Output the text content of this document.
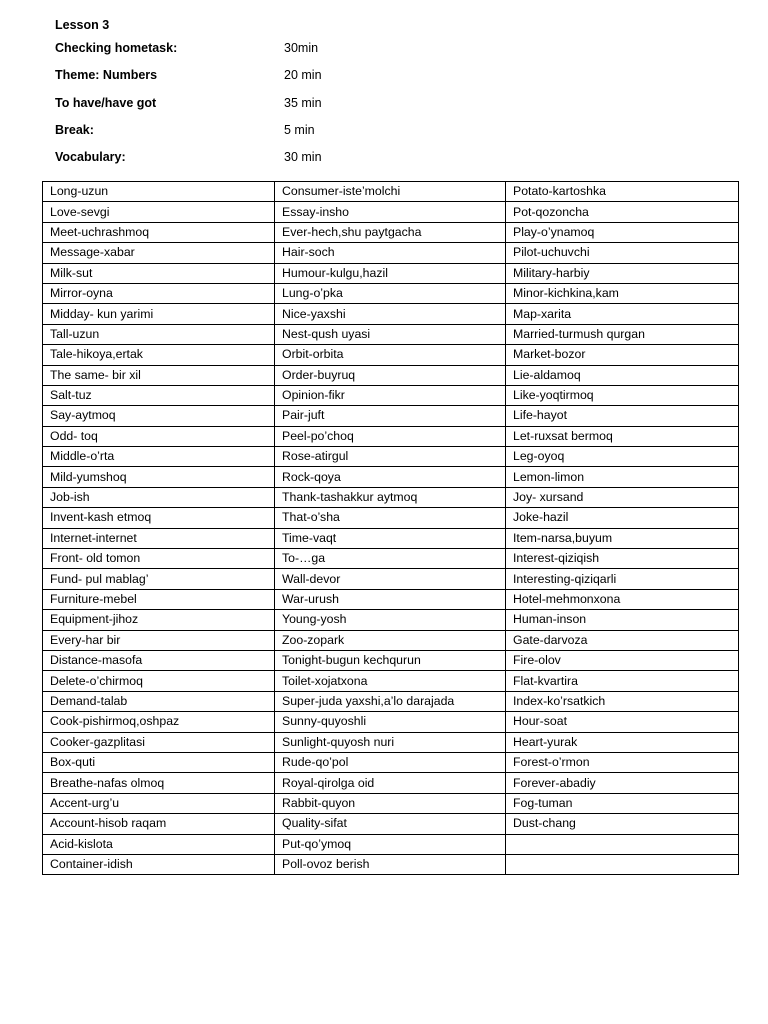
Lesson 3
Checking hometask:	30min
Theme: Numbers	20 min
To have/have got	35 min
Break:	5 min
Vocabulary:	30 min
Long-uzun	Consumer-iste’molchi	Potato-kartoshka
Love-sevgi	Essay-insho	Pot-qozoncha
Meet-uchrashmoq	Ever-hech,shu paytgacha	Play-o’ynamoq
Message-xabar	Hair-soch	Pilot-uchuvchi
Milk-sut	Humour-kulgu,hazil	Military-harbiy
Mirror-oyna	Lung-o’pka	Minor-kichkina,kam
Midday- kun yarimi	Nice-yaxshi	Map-xarita
Tall-uzun	Nest-qush uyasi	Married-turmush qurgan
Tale-hikoya,ertak	Orbit-orbita	Market-bozor
The same- bir xil	Order-buyruq	Lie-aldamoq
Salt-tuz	Opinion-fikr	Like-yoqtirmoq
Say-aytmoq	Pair-juft	Life-hayot
Odd- toq	Peel-po’choq	Let-ruxsat bermoq
Middle-o’rta	Rose-atirgul	Leg-oyoq
Mild-yumshoq	Rock-qoya	Lemon-limon
Job-ish	Thank-tashakkur aytmoq	Joy- xursand
Invent-kash etmoq	That-o’sha	Joke-hazil
Internet-internet	Time-vaqt	Item-narsa,buyum
Front- old tomon	To-…ga	Interest-qiziqish
Fund- pul mablag’	Wall-devor	Interesting-qiziqarli
Furniture-mebel	War-urush	Hotel-mehmonxona
Equipment-jihoz	Young-yosh	Human-inson
Every-har bir	Zoo-zopark	Gate-darvoza
Distance-masofa	Tonight-bugun kechqurun	Fire-olov
Delete-o’chirmoq	Toilet-xojatxona	Flat-kvartira
Demand-talab	Super-juda yaxshi,a’lo darajada	Index-ko’rsatkich
Cook-pishirmoq,oshpaz	Sunny-quyoshli	Hour-soat
Cooker-gazplitasi	Sunlight-quyosh nuri	Heart-yurak
Box-quti	Rude-qo’pol	Forest-o’rmon
Breathe-nafas olmoq	Royal-qirolga oid	Forever-abadiy
Accent-urg’u	Rabbit-quyon	Fog-tuman
Account-hisob raqam	Quality-sifat	Dust-chang
Acid-kislota	Put-qo’ymoq	
Container-idish	Poll-ovoz berish	
